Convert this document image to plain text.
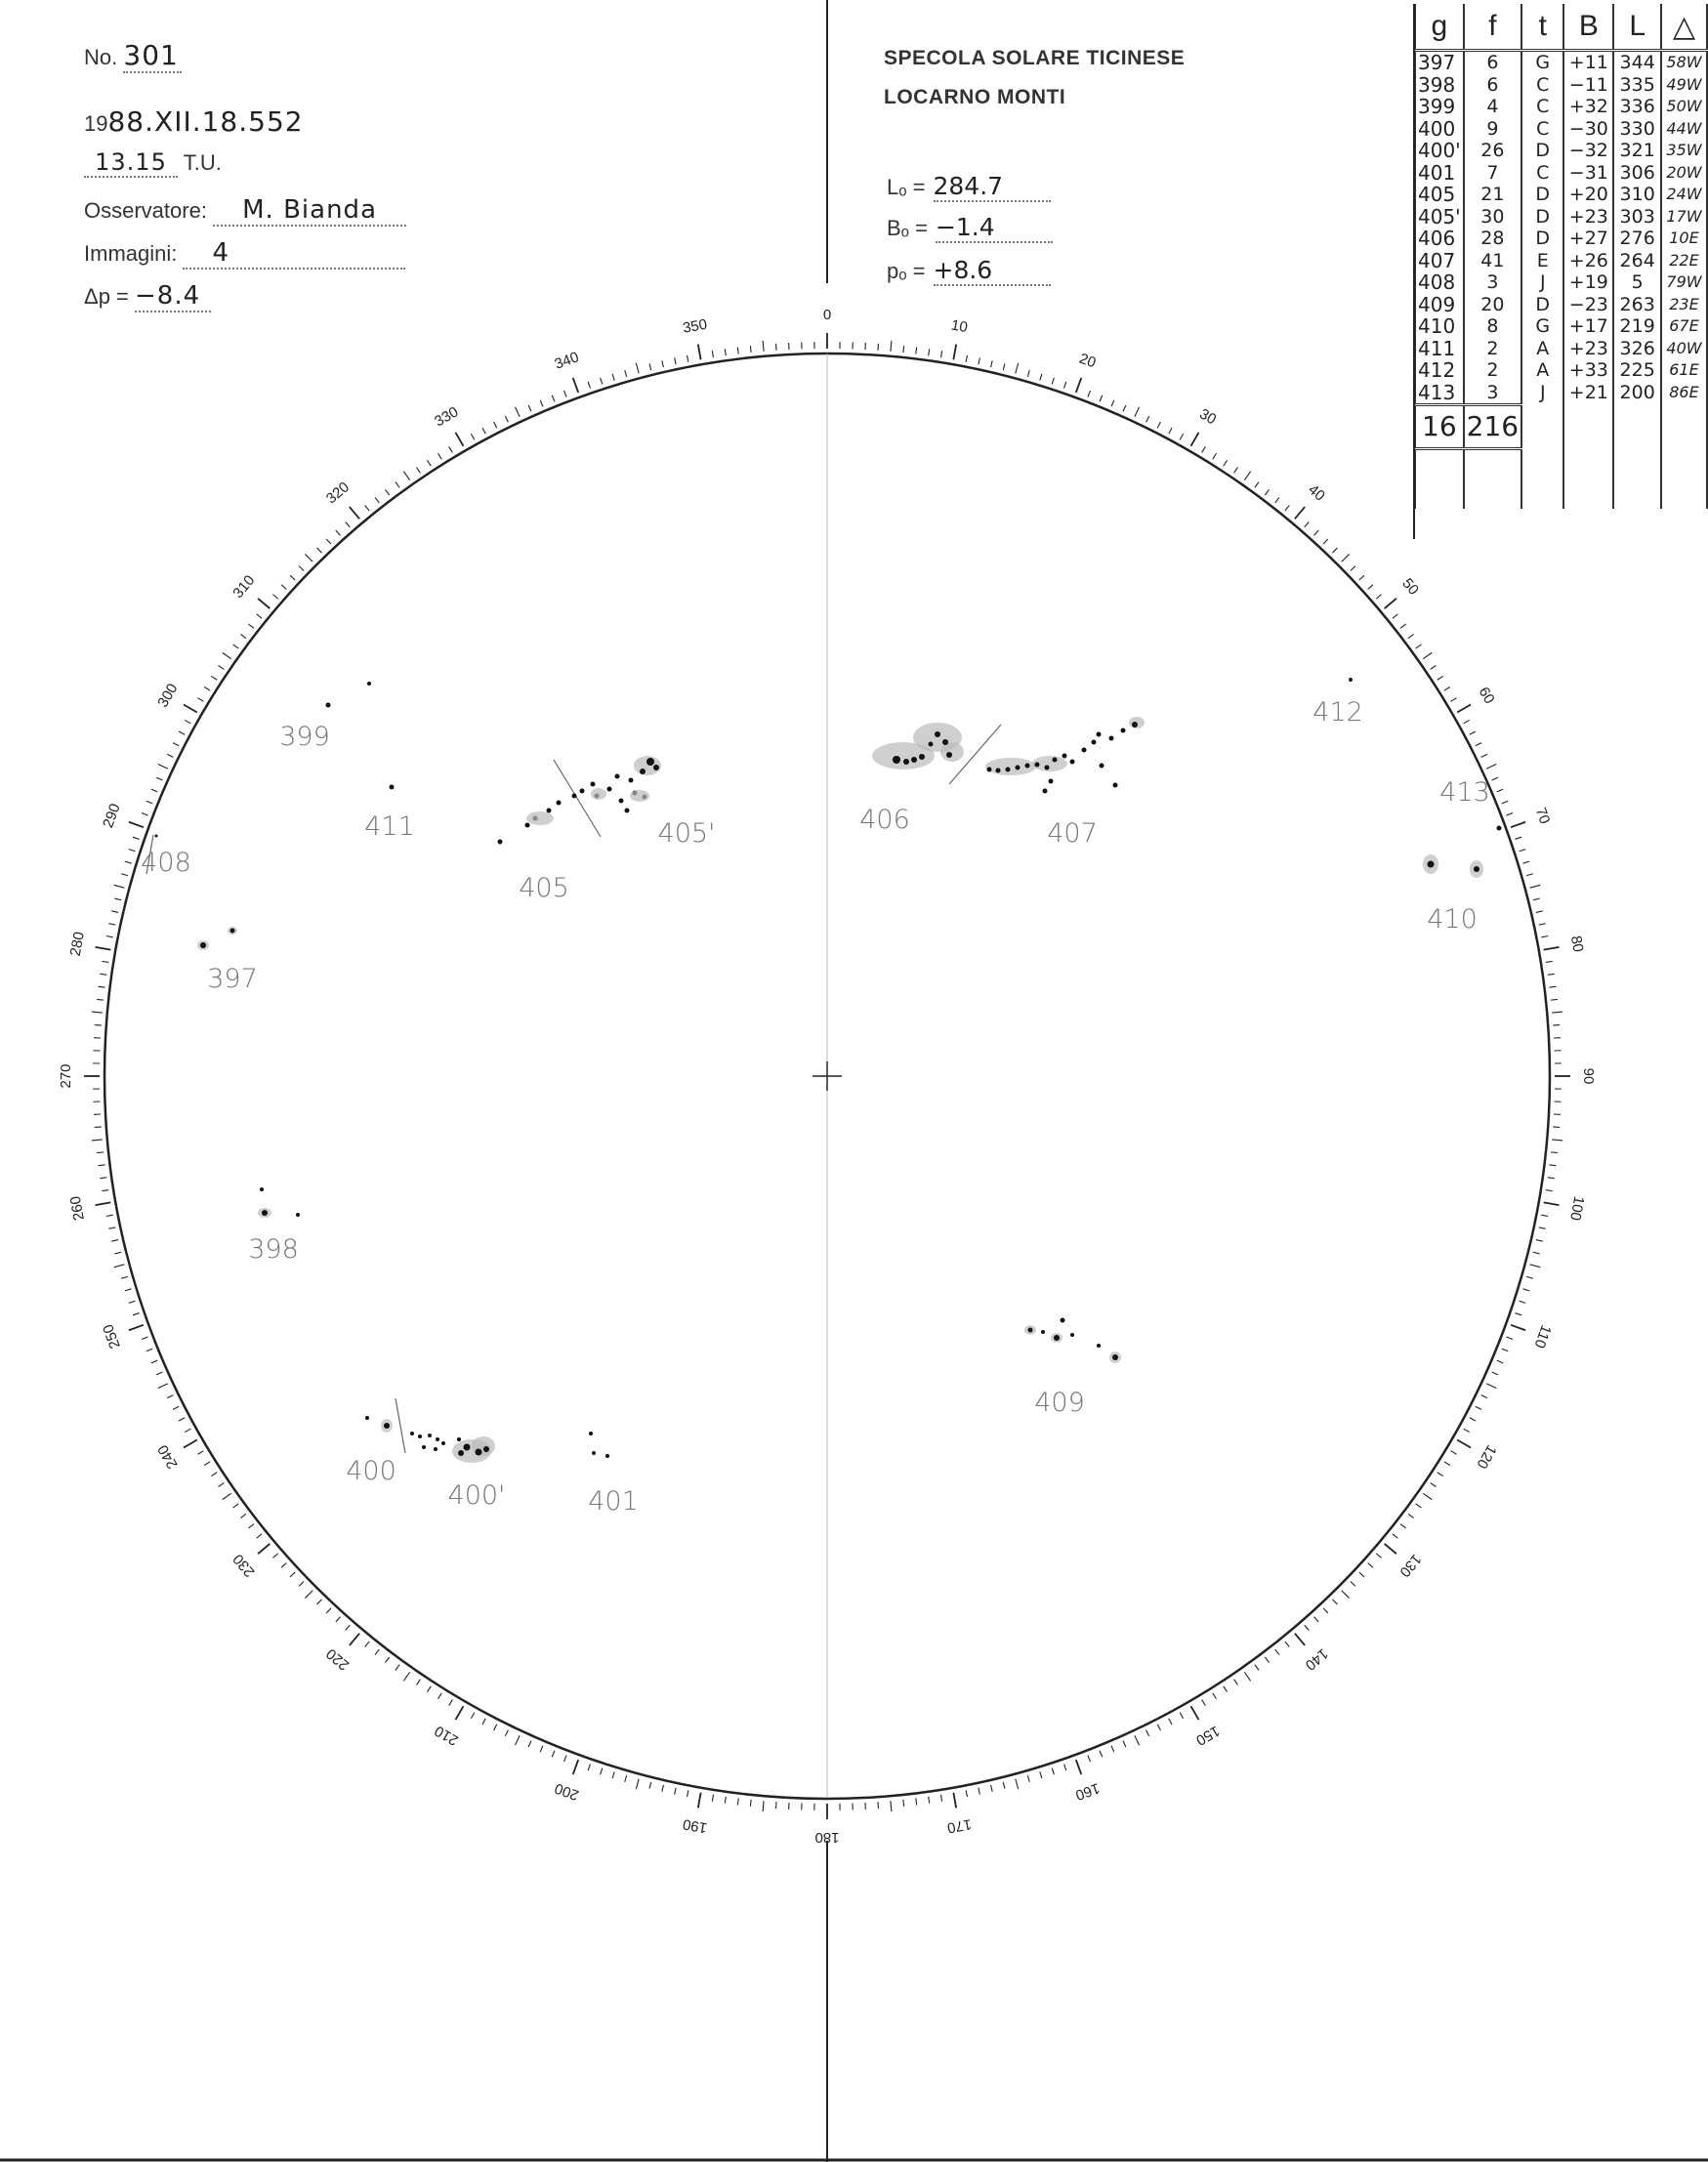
No. 301
1988.XII.18.552
13.15 T.U.
Osservatore: M. Bianda
Immagini: 4
Δp = −8.4
SPECOLA SOLARE TICINESE
LOCARNO MONTI
Lₒ = 284.7
Bₒ = −1.4
pₒ = +8.6
g	f	t	B	L	△
397	6	G	+11	344	58W
398	6	C	−11	335	49W
399	4	C	+32	336	50W
400	9	C	−30	330	44W
400'	26	D	−32	321	35W
401	7	C	−31	306	20W
405	21	D	+20	310	24W
405'	30	D	+23	303	17W
406	28	D	+27	276	10E
407	41	E	+26	264	22E
408	3	J	+19	5	79W
409	20	D	−23	263	23E
410	8	G	+17	219	67E
411	2	A	+23	326	40W
412	2	A	+33	225	61E
413	3	J	+21	200	86E
16	216				

0
10
20
30
40
50
60
70
80
90
100
110
120
130
140
150
160
170
180
190
200
210
220
230
240
250
260
270
280
290
300
310
320
330
340
350
399
411
405
405'	406	407
412
413
408
410
397
398
400
400'	401
409
